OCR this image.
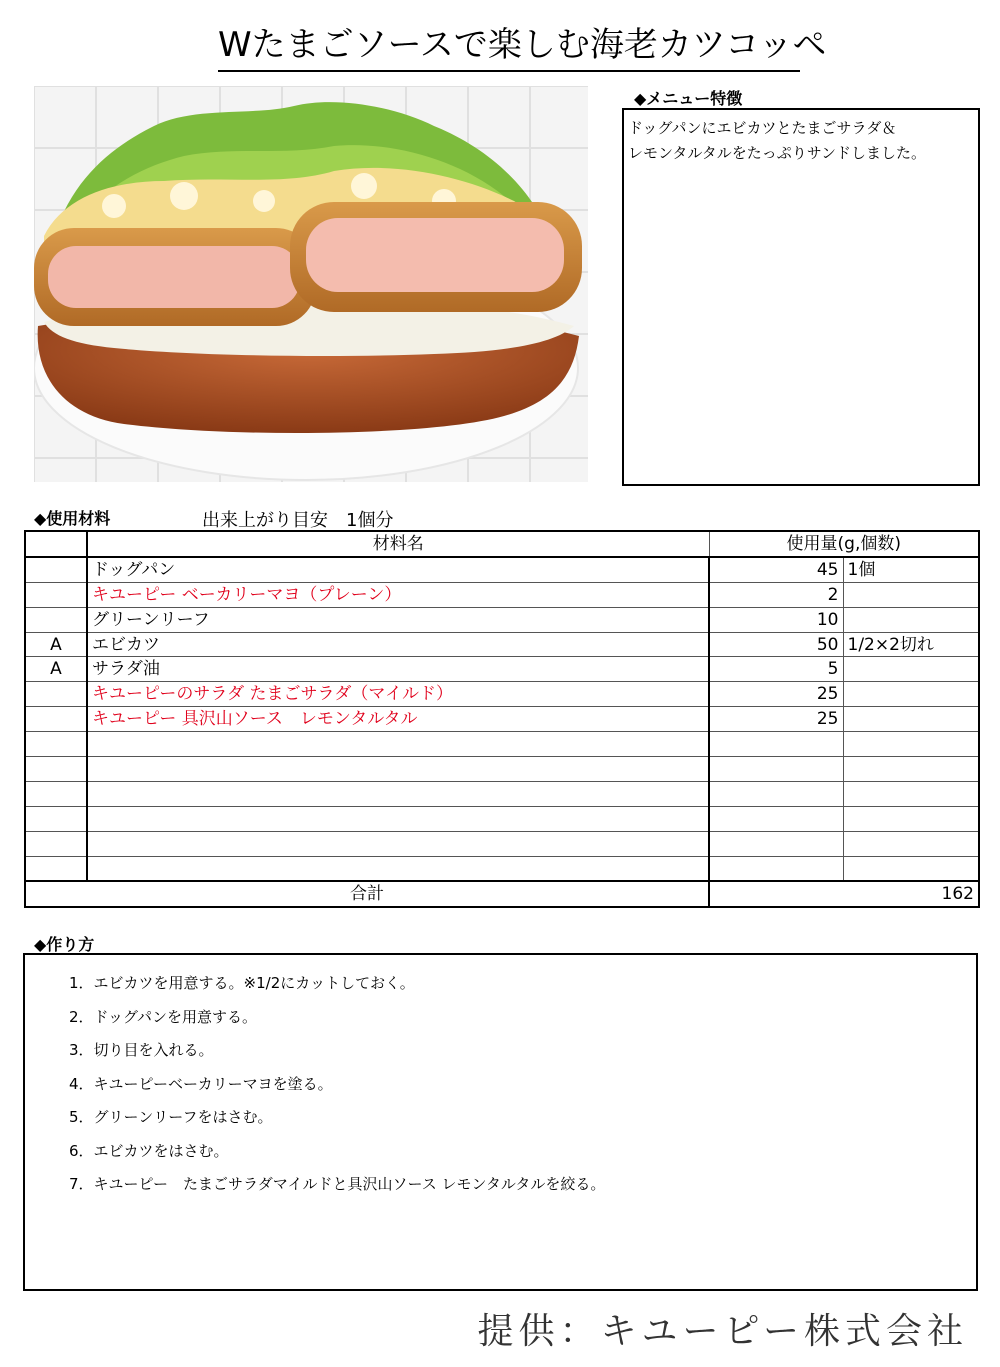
Wたまごソースで楽しむ海老カツコッペ
◆メニュー特徴
ドッグパンにエビカツとたまごサラダ＆
レモンタルタルをたっぷりサンドしました。
◆使用材料	出来上がり目安　1個分
	材料名	使用量(g,個数)	
	ドッグパン	45	1個
	キユーピー ベーカリーマヨ（プレーン）	2	
	グリーンリーフ	10	
A	エビカツ	50	1/2×2切れ
A	サラダ油	5	
	キユーピーのサラダ たまごサラダ（マイルド）	25	
	キユーピー 具沢山ソース　レモンタルタル	25	

合計		162	
◆作り方
1．エビカツを用意する。※1/2にカットしておく。
2．ドッグパンを用意する。
3．切り目を入れる。
4．キユーピーベーカリーマヨを塗る。
5．グリーンリーフをはさむ。
6．エビカツをはさむ。
7．キユーピー　たまごサラダマイルドと具沢山ソース レモンタルタルを絞る。
提供：キユーピー株式会社
